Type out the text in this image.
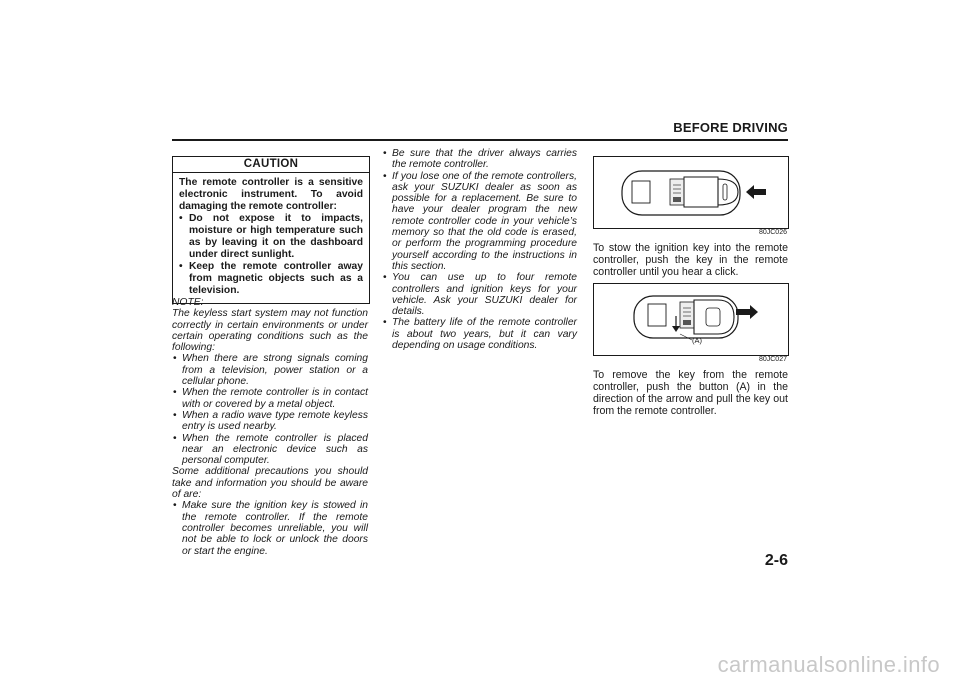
BEFORE DRIVING
CAUTION
The remote controller is a sensitive electronic instrument. To avoid damaging the remote controller:
• Do not expose it to impacts, moisture or high temperature such as by leaving it on the dashboard under direct sunlight.
• Keep the remote controller away from magnetic objects such as a television.

NOTE:

The keyless start system may not function correctly in certain environments or under certain operating conditions such as the following:

• When there are strong signals coming from a television, power station or a cellular phone.
• When the remote controller is in contact with or covered by a metal object.
• When a radio wave type remote keyless entry is used nearby.
• When the remote controller is placed near an electronic device such as personal computer.

Some additional precautions you should take and information you should be aware of are:

• Make sure the ignition key is stowed in the remote controller. If the remote controller becomes unreliable, you will not be able to lock or unlock the doors or start the engine.
• Be sure that the driver always carries the remote controller.
• If you lose one of the remote controllers, ask your SUZUKI dealer as soon as possible for a replacement. Be sure to have your dealer program the new remote controller code in your vehicle’s memory so that the old code is erased, or perform the programming procedure yourself according to the instructions in this section.
• You can use up to four remote controllers and ignition keys for your vehicle. Ask your SUZUKI dealer for details.
• The battery life of the remote controller is about two years, but it can vary depending on usage conditions.
80JC026
To stow the ignition key into the remote controller, push the key in the remote controller until you hear a click.
(A)
80JC027
To remove the key from the remote controller, push the button (A) in the direction of the arrow and pull the key out from the remote controller.
2-6
carmanualsonline.info
